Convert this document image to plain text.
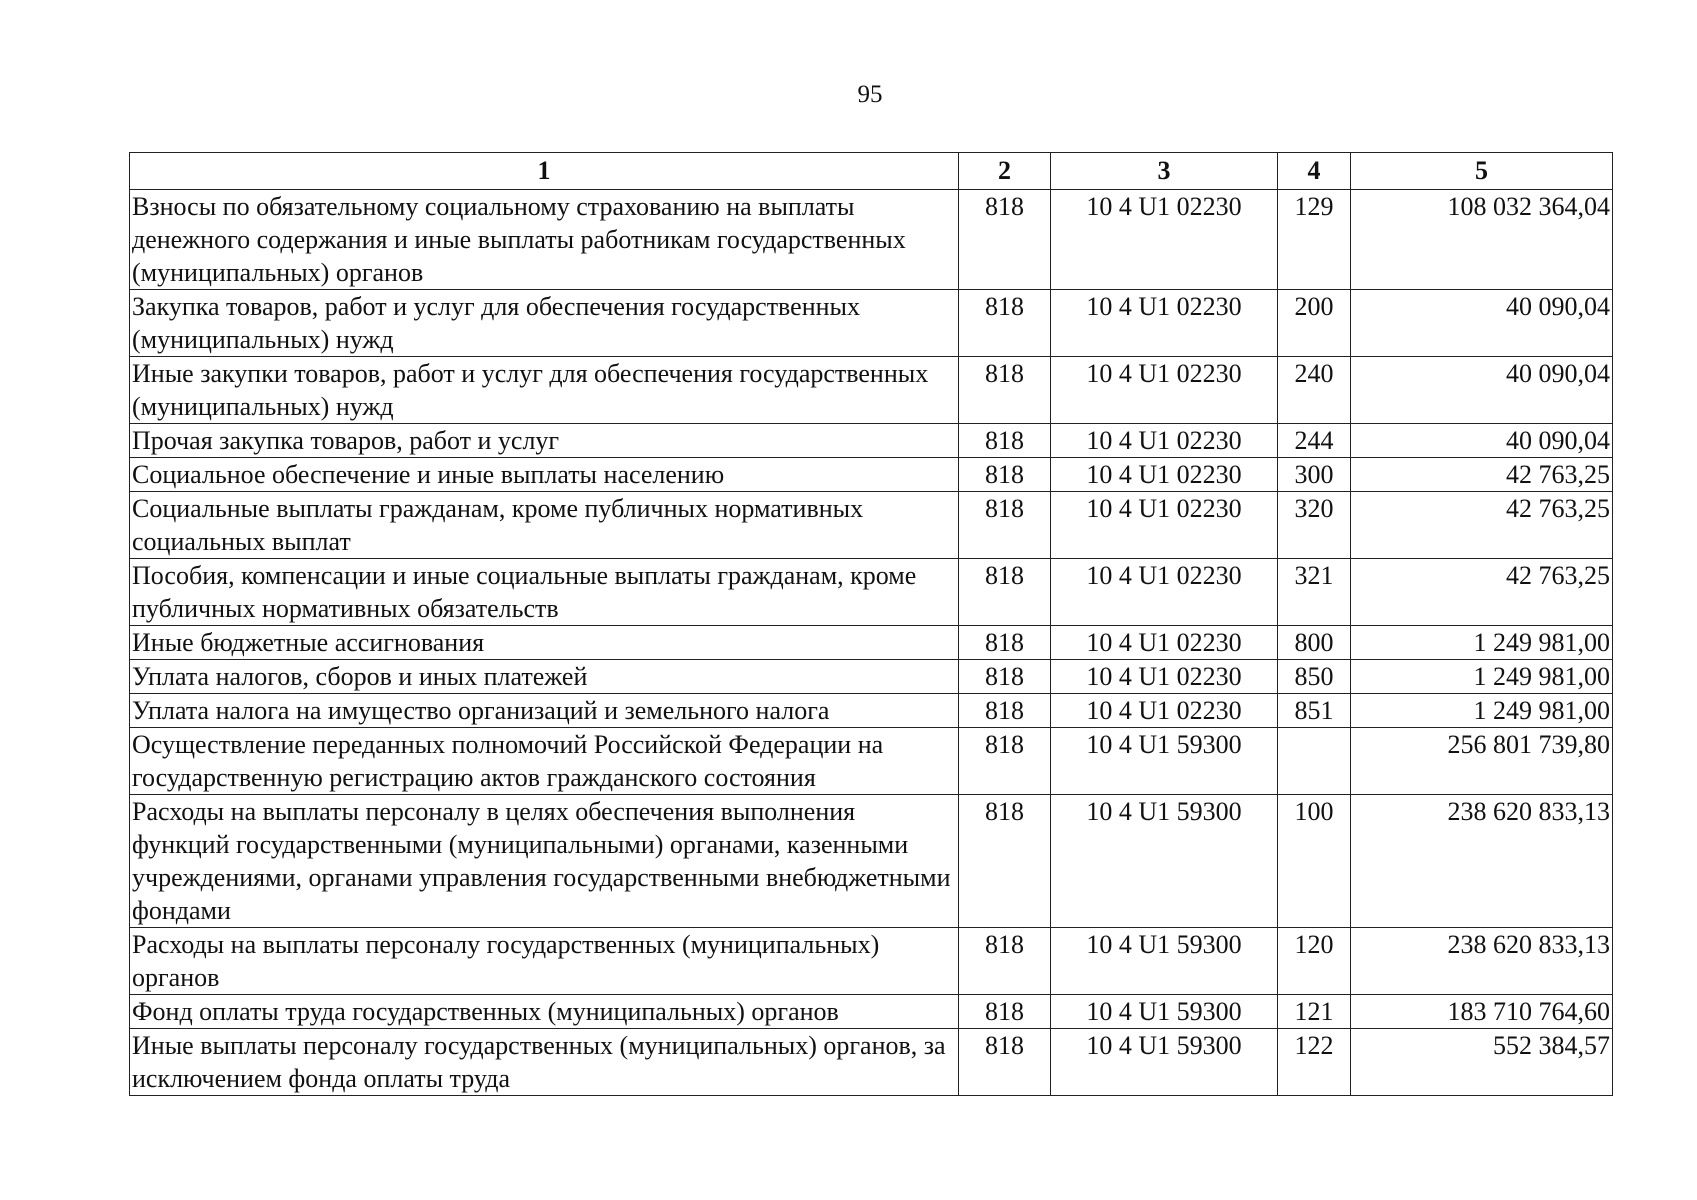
95
1	2	3	4	5
Взносы по обязательному социальному страхованию на выплаты денежного содержания и иные выплаты работникам государственных (муниципальных) органов	818	10 4 U1 02230	129	108 032 364,04
Закупка товаров, работ и услуг для обеспечения государственных (муниципальных) нужд	818	10 4 U1 02230	200	40 090,04
Иные закупки товаров, работ и услуг для обеспечения государственных (муниципальных) нужд	818	10 4 U1 02230	240	40 090,04
Прочая закупка товаров, работ и услуг	818	10 4 U1 02230	244	40 090,04
Социальное обеспечение и иные выплаты населению	818	10 4 U1 02230	300	42 763,25
Социальные выплаты гражданам, кроме публичных нормативных социальных выплат	818	10 4 U1 02230	320	42 763,25
Пособия, компенсации и иные социальные выплаты гражданам, кроме публичных нормативных обязательств	818	10 4 U1 02230	321	42 763,25
Иные бюджетные ассигнования	818	10 4 U1 02230	800	1 249 981,00
Уплата налогов, сборов и иных платежей	818	10 4 U1 02230	850	1 249 981,00
Уплата налога на имущество организаций и земельного налога	818	10 4 U1 02230	851	1 249 981,00
Осуществление переданных полномочий Российской Федерации на государственную регистрацию актов гражданского состояния	818	10 4 U1 59300		256 801 739,80
Расходы на выплаты персоналу в целях обеспечения выполнения функций государственными (муниципальными) органами, казенными учреждениями, органами управления государственными внебюджетными фондами	818	10 4 U1 59300	100	238 620 833,13
Расходы на выплаты персоналу государственных (муниципальных) органов	818	10 4 U1 59300	120	238 620 833,13
Фонд оплаты труда государственных (муниципальных) органов	818	10 4 U1 59300	121	183 710 764,60
Иные выплаты персоналу государственных (муниципальных) органов, за исключением фонда оплаты труда	818	10 4 U1 59300	122	552 384,57
